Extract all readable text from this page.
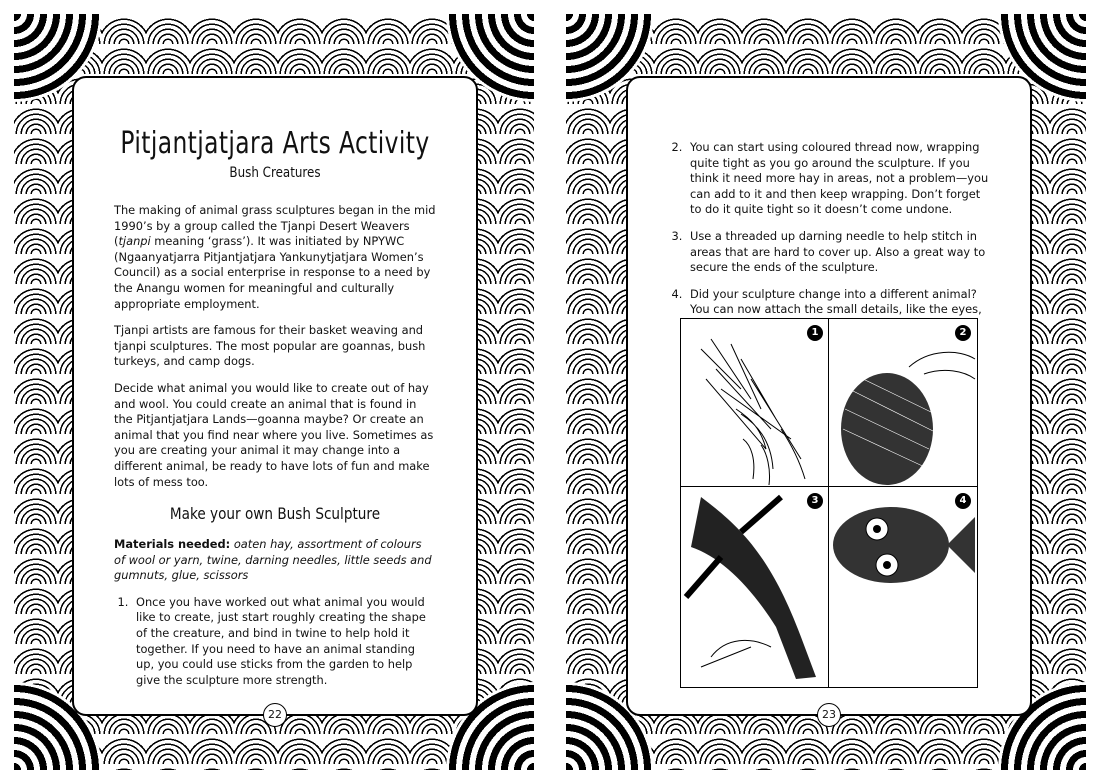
Pitjantjatjara Arts Activity
Bush Creatures

The making of animal grass sculptures began in the mid 1990’s by a group called the Tjanpi Desert Weavers (tjanpi meaning ‘grass’). It was initiated by NPYWC (Ngaanyatjarra Pitjantjatjara Yankunytjatjara Women’s Council) as a social enterprise in response to a need by the Anangu women for meaningful and culturally appropriate employment.

Tjanpi artists are famous for their basket weaving and tjanpi sculptures. The most popular are goannas, bush turkeys, and camp dogs.

Decide what animal you would like to create out of hay and wool. You could create an animal that is found in the Pitjantjatjara Lands—goanna maybe? Or create an animal that you find near where you live. Sometimes as you are creating your animal it may change into a different animal, be ready to have lots of fun and make lots of mess too.

Make your own Bush Sculpture

Materials needed: oaten hay, assortment of colours of wool or yarn, twine, darning needles, little seeds and gumnuts, glue, scissors

1. Once you have worked out what animal you would like to create, just start roughly creating the shape of the creature, and bind in twine to help hold it together. If you need to have an animal standing up, you could use sticks from the garden to help give the sculpture more strength.
22
2. You can start using coloured thread now, wrapping quite tight as you go around the sculpture. If you think it need more hay in areas, not a problem—you can add to it and then keep wrapping. Don’t forget to do it quite tight so it doesn’t come undone.
3. Use a threaded up darning needle to help stitch in areas that are hard to cover up. Also a great way to secure the ends of the sculpture.
4. Did your sculpture change into a different animal? You can now attach the small details, like the eyes,
1	2
3	4
23
